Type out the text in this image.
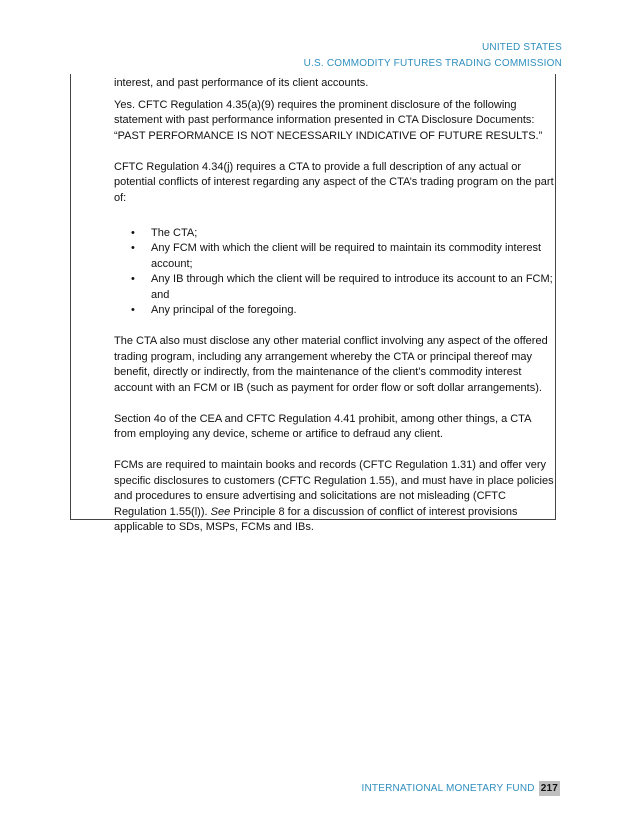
UNITED STATES
U.S. COMMODITY FUTURES TRADING COMMISSION

interest, and past performance of its client accounts.

Yes. CFTC Regulation 4.35(a)(9) requires the prominent disclosure of the following statement with past performance information presented in CTA Disclosure Documents: “PAST PERFORMANCE IS NOT NECESSARILY INDICATIVE OF FUTURE RESULTS.”

CFTC Regulation 4.34(j) requires a CTA to provide a full description of any actual or potential conflicts of interest regarding any aspect of the CTA’s trading program on the part of:

• The CTA;
• Any FCM with which the client will be required to maintain its commodity interest account;
• Any IB through which the client will be required to introduce its account to an FCM; and
• Any principal of the foregoing.

The CTA also must disclose any other material conflict involving any aspect of the offered trading program, including any arrangement whereby the CTA or principal thereof may benefit, directly or indirectly, from the maintenance of the client’s commodity interest account with an FCM or IB (such as payment for order flow or soft dollar arrangements).

Section 4o of the CEA and CFTC Regulation 4.41 prohibit, among other things, a CTA from employing any device, scheme or artifice to defraud any client.

FCMs are required to maintain books and records (CFTC Regulation 1.31) and offer very specific disclosures to customers (CFTC Regulation 1.55), and must have in place policies and procedures to ensure advertising and solicitations are not misleading (CFTC Regulation 1.55(l)). See Principle 8 for a discussion of conflict of interest provisions applicable to SDs, MSPs, FCMs and IBs.

INTERNATIONAL MONETARY FUND 217
